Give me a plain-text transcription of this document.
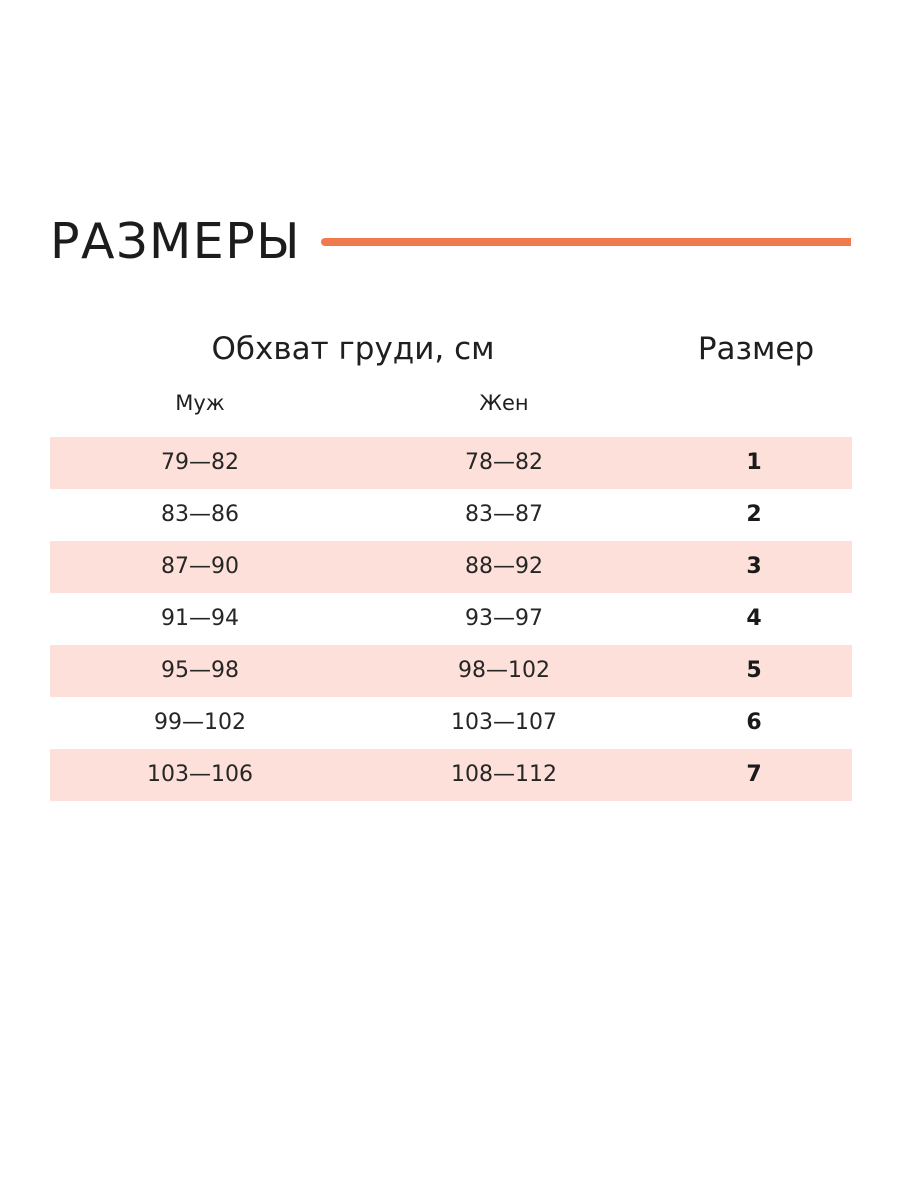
РАЗМЕРЫ
Обхват груди, см	Размер
Муж	Жен
79—82	78—82	1
83—86	83—87	2
87—90	88—92	3
91—94	93—97	4
95—98	98—102	5
99—102	103—107	6
103—106	108—112	7
